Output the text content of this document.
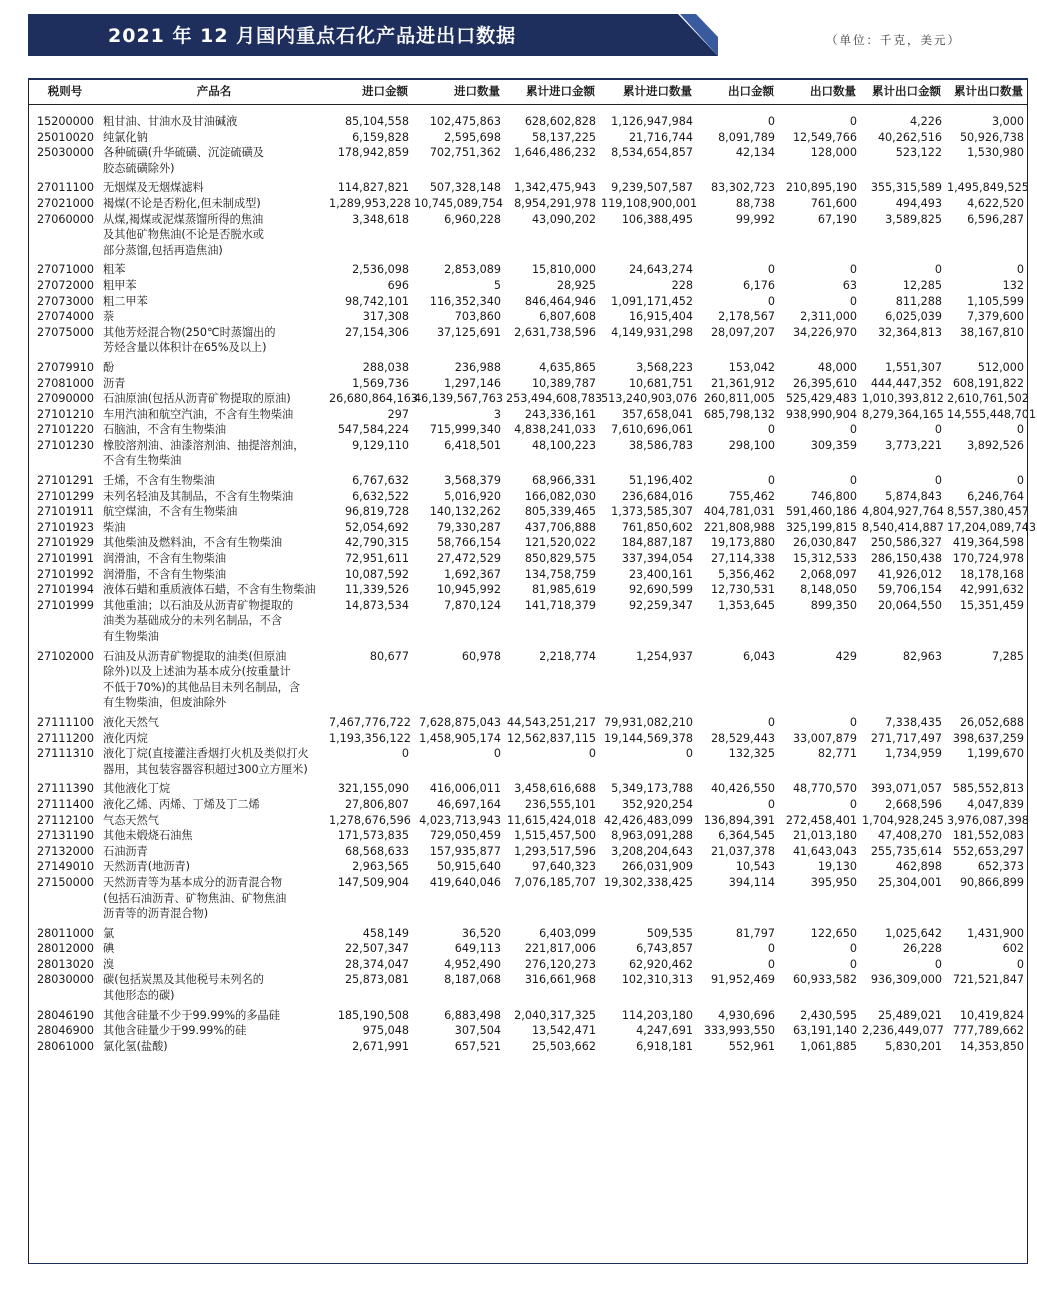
2021 年 12 月国内重点石化产品进出口数据	（单位：千克，美元）
税则号	产品名	进口金额	进口数量	累计进口金额	累计进口数量	出口金额	出口数量	累计出口金额	累计出口数量

15200000	粗甘油、甘油水及甘油碱液	85,104,558	102,475,863	628,602,828	1,126,947,984	0	0	4,226	3,000
25010020	纯氯化钠	6,159,828	2,595,698	58,137,225	21,716,744	8,091,789	12,549,766	40,262,516	50,926,738
25030000	各种硫磺(升华硫磺、沉淀硫磺及
胶态硫磺除外)	178,942,859	702,751,362	1,646,486,232	8,534,654,857	42,134	128,000	523,122	1,530,980
27011100	无烟煤及无烟煤滤料	114,827,821	507,328,148	1,342,475,943	9,239,507,587	83,302,723	210,895,190	355,315,589	1,495,849,525
27021000	褐煤(不论是否粉化,但未制成型)	1,289,953,228	10,745,089,754	8,954,291,978	119,108,900,001	88,738	761,600	494,493	4,622,520
27060000	从煤,褐煤或泥煤蒸馏所得的焦油
及其他矿物焦油(不论是否脱水或
部分蒸馏,包括再造焦油)	3,348,618	6,960,228	43,090,202	106,388,495	99,992	67,190	3,589,825	6,596,287
27071000	粗苯	2,536,098	2,853,089	15,810,000	24,643,274	0	0	0	0
27072000	粗甲苯	696	5	28,925	228	6,176	63	12,285	132
27073000	粗二甲苯	98,742,101	116,352,340	846,464,946	1,091,171,452	0	0	811,288	1,105,599
27074000	萘	317,308	703,860	6,807,608	16,915,404	2,178,567	2,311,000	6,025,039	7,379,600
27075000	其他芳烃混合物(250℃时蒸馏出的
芳烃含量以体积计在65%及以上)	27,154,306	37,125,691	2,631,738,596	4,149,931,298	28,097,207	34,226,970	32,364,813	38,167,810
27079910	酚	288,038	236,988	4,635,865	3,568,223	153,042	48,000	1,551,307	512,000
27081000	沥青	1,569,736	1,297,146	10,389,787	10,681,751	21,361,912	26,395,610	444,447,352	608,191,822
27090000	石油原油(包括从沥青矿物提取的原油)	26,680,864,163	46,139,567,763	253,494,608,783	513,240,903,076	260,811,005	525,429,483	1,010,393,812	2,610,761,502
27101210	车用汽油和航空汽油，不含有生物柴油	297	3	243,336,161	357,658,041	685,798,132	938,990,904	8,279,364,165	14,555,448,701
27101220	石脑油，不含有生物柴油	547,584,224	715,999,340	4,838,241,033	7,610,696,061	0	0	0	0
27101230	橡胶溶剂油、油漆溶剂油、抽提溶剂油，
不含有生物柴油	9,129,110	6,418,501	48,100,223	38,586,783	298,100	309,359	3,773,221	3,892,526
27101291	壬烯，不含有生物柴油	6,767,632	3,568,379	68,966,331	51,196,402	0	0	0	0
27101299	未列名轻油及其制品，不含有生物柴油	6,632,522	5,016,920	166,082,030	236,684,016	755,462	746,800	5,874,843	6,246,764
27101911	航空煤油，不含有生物柴油	96,819,728	140,132,262	805,339,465	1,373,585,307	404,781,031	591,460,186	4,804,927,764	8,557,380,457
27101923	柴油	52,054,692	79,330,287	437,706,888	761,850,602	221,808,988	325,199,815	8,540,414,887	17,204,089,743
27101929	其他柴油及燃料油，不含有生物柴油	42,790,315	58,766,154	121,520,022	184,887,187	19,173,880	26,030,847	250,586,327	419,364,598
27101991	润滑油，不含有生物柴油	72,951,611	27,472,529	850,829,575	337,394,054	27,114,338	15,312,533	286,150,438	170,724,978
27101992	润滑脂，不含有生物柴油	10,087,592	1,692,367	134,758,759	23,400,161	5,356,462	2,068,097	41,926,012	18,178,168
27101994	液体石蜡和重质液体石蜡，不含有生物柴油	11,339,526	10,945,992	81,985,619	92,690,599	12,730,531	8,148,050	59,706,154	42,991,632
27101999	其他重油；以石油及从沥青矿物提取的
油类为基础成分的未列名制品，不含
有生物柴油	14,873,534	7,870,124	141,718,379	92,259,347	1,353,645	899,350	20,064,550	15,351,459
27102000	石油及从沥青矿物提取的油类(但原油
除外)以及上述油为基本成分(按重量计
不低于70%)的其他品目未列名制品，含
有生物柴油，但废油除外	80,677	60,978	2,218,774	1,254,937	6,043	429	82,963	7,285
27111100	液化天然气	7,467,776,722	7,628,875,043	44,543,251,217	79,931,082,210	0	0	7,338,435	26,052,688
27111200	液化丙烷	1,193,356,122	1,458,905,174	12,562,837,115	19,144,569,378	28,529,443	33,007,879	271,717,497	398,637,259
27111310	液化丁烷(直接灌注香烟打火机及类似打火
器用，其包装容器容积超过300立方厘米)	0	0	0	0	132,325	82,771	1,734,959	1,199,670
27111390	其他液化丁烷	321,155,090	416,006,011	3,458,616,688	5,349,173,788	40,426,550	48,770,570	393,071,057	585,552,813
27111400	液化乙烯、丙烯、丁烯及丁二烯	27,806,807	46,697,164	236,555,101	352,920,254	0	0	2,668,596	4,047,839
27112100	气态天然气	1,278,676,596	4,023,713,943	11,615,424,018	42,426,483,099	136,894,391	272,458,401	1,704,928,245	3,976,087,398
27131190	其他未煅烧石油焦	171,573,835	729,050,459	1,515,457,500	8,963,091,288	6,364,545	21,013,180	47,408,270	181,552,083
27132000	石油沥青	68,568,633	157,935,877	1,293,517,596	3,208,204,643	21,037,378	41,643,043	255,735,614	552,653,297
27149010	天然沥青(地沥青)	2,963,565	50,915,640	97,640,323	266,031,909	10,543	19,130	462,898	652,373
27150000	天然沥青等为基本成分的沥青混合物
(包括石油沥青、矿物焦油、矿物焦油
沥青等的沥青混合物)	147,509,904	419,640,046	7,076,185,707	19,302,338,425	394,114	395,950	25,304,001	90,866,899
28011000	氯	458,149	36,520	6,403,099	509,535	81,797	122,650	1,025,642	1,431,900
28012000	碘	22,507,347	649,113	221,817,006	6,743,857	0	0	26,228	602
28013020	溴	28,374,047	4,952,490	276,120,273	62,920,462	0	0	0	0
28030000	碳(包括炭黑及其他税号未列名的
其他形态的碳)	25,873,081	8,187,068	316,661,968	102,310,313	91,952,469	60,933,582	936,309,000	721,521,847
28046190	其他含硅量不少于99.99%的多晶硅	185,190,508	6,883,498	2,040,317,325	114,203,180	4,930,696	2,430,595	25,489,021	10,419,824
28046900	其他含硅量少于99.99%的硅	975,048	307,504	13,542,471	4,247,691	333,993,550	63,191,140	2,236,449,077	777,789,662
28061000	氯化氢(盐酸)	2,671,991	657,521	25,503,662	6,918,181	552,961	1,061,885	5,830,201	14,353,850
